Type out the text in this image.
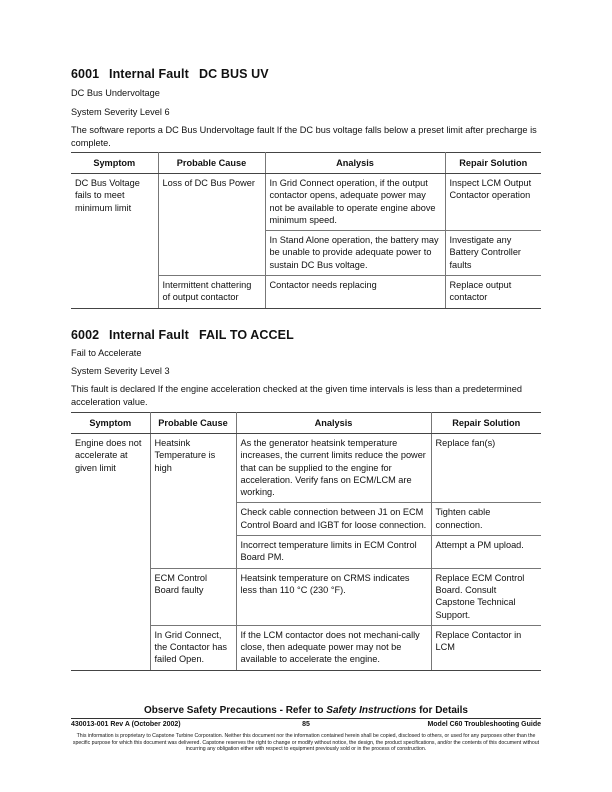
6001 Internal Fault DC BUS UV
DC Bus Undervoltage
System Severity Level 6
The software reports a DC Bus Undervoltage fault If the DC bus voltage falls below a preset limit after precharge is complete.
Symptom	Probable Cause	Analysis	Repair Solution
DC Bus Voltage fails to meet minimum limit	Loss of DC Bus Power	In Grid Connect operation, if the output contactor opens, adequate power may not be available to operate engine above minimum speed.	Inspect LCM Output Contactor operation
		In Stand Alone operation, the battery may be unable to provide adequate power to sustain DC Bus voltage.	Investigate any Battery Controller faults
	Intermittent chattering of output contactor	Contactor needs replacing	Replace output contactor
6002 Internal Fault FAIL TO ACCEL
Fail to Accelerate
System Severity Level 3
This fault is declared If the engine acceleration checked at the given time intervals is less than a predetermined acceleration value.
Symptom	Probable Cause	Analysis	Repair Solution
Engine does not accelerate at given limit	Heatsink Temperature is high	As the generator heatsink temperature increases, the current limits reduce the power that can be supplied to the engine for acceleration. Verify fans on ECM/LCM are working.	Replace fan(s)
		Check cable connection between J1 on ECM Control Board and IGBT for loose connection.	Tighten cable connection.
		Incorrect temperature limits in ECM Control Board PM.	Attempt a PM upload.
	ECM Control Board faulty	Heatsink temperature on CRMS indicates less than 110 °C (230 °F).	Replace ECM Control Board. Consult Capstone Technical Support.
	In Grid Connect, the Contactor has failed Open.	If the LCM contactor does not mechani-cally close, then adequate power may not be available to accelerate the engine.	Replace Contactor in LCM
Observe Safety Precautions - Refer to Safety Instructions for Details
430013-001 Rev A (October 2002)	85	Model C60 Troubleshooting Guide
This information is proprietary to Capstone Turbine Corporation. Neither this document nor the information contained herein shall be copied, disclosed to others, or used for any purposes other than the specific purpose for which this document was delivered. Capstone reserves the right to change or modify without notice, the design, the product specifications, and/or the contents of this document without incurring any obligation either with respect to equipment previously sold or in the process of construction.
